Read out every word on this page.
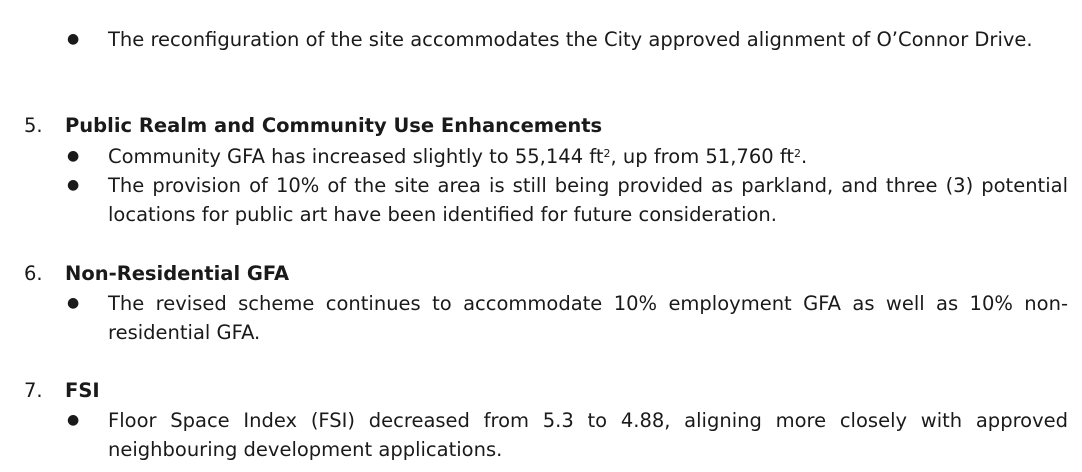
● The reconfiguration of the site accommodates the City approved alignment of O’Connor Drive.
5. Public Realm and Community Use Enhancements
● Community GFA has increased slightly to 55,144 $ft^2$, up from 51,760 $ft^2$.
● The provision of 10% of the site area is still being provided as parkland, and three (3) potential locations for public art have been identified for future consideration.
6. Non-Residential GFA
● The revised scheme continues to accommodate 10% employment GFA as well as 10% non-residential GFA.
7. FSI
● Floor Space Index (FSI) decreased from 5.3 to 4.88, aligning more closely with approved neighbouring development applications.
